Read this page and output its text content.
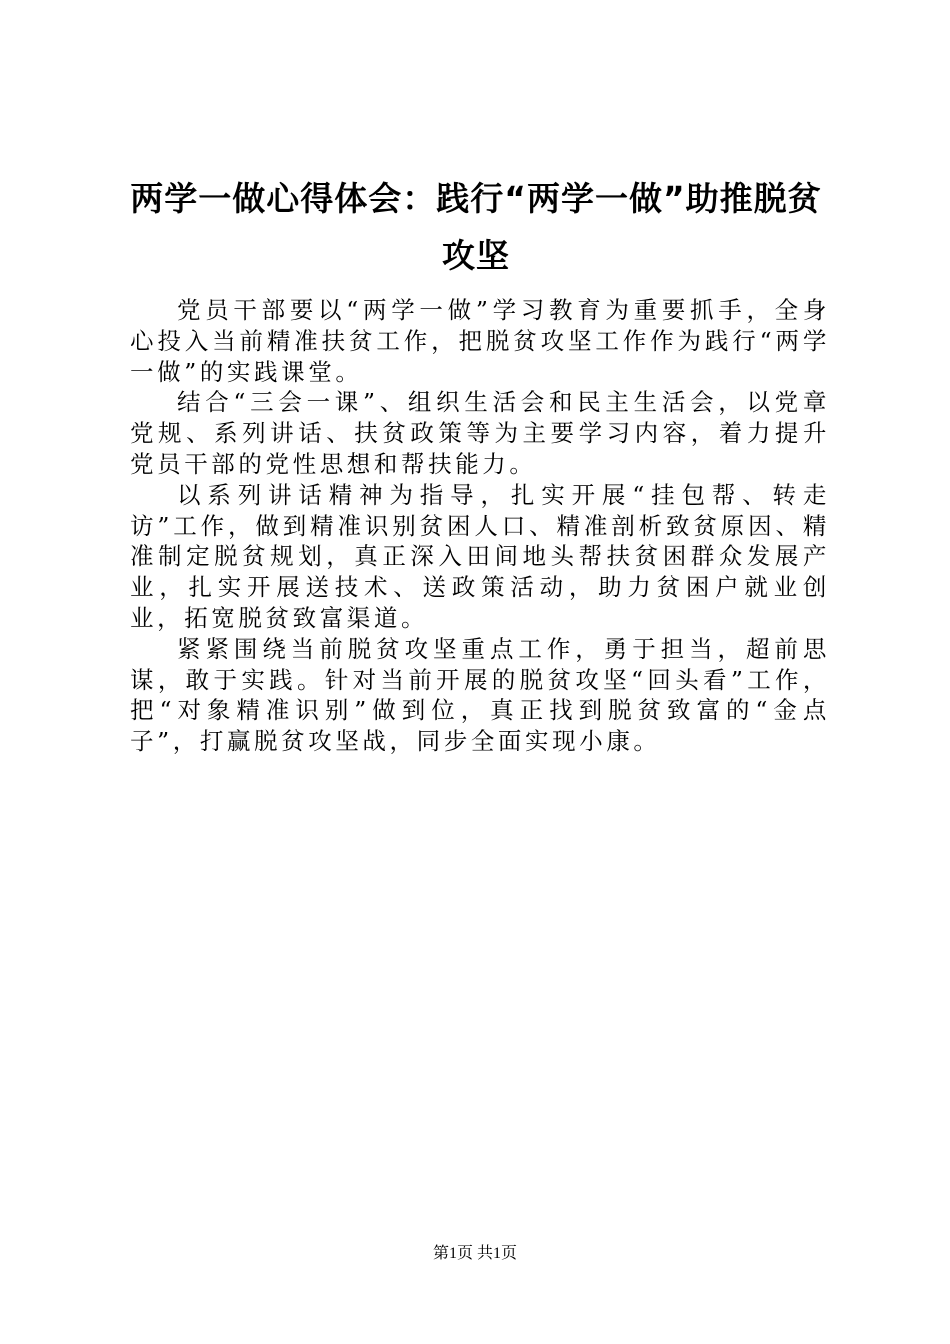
两学一做心得体会：践行“两学一做”助推脱贫攻坚

党员干部要以“两学一做”学习教育为重要抓手，全身心投入当前精准扶贫工作，把脱贫攻坚工作作为践行“两学一做”的实践课堂。

结合“三会一课”、组织生活会和民主生活会，以党章党规、系列讲话、扶贫政策等为主要学习内容，着力提升党员干部的党性思想和帮扶能力。

以系列讲话精神为指导，扎实开展“挂包帮、转走访”工作，做到精准识别贫困人口、精准剖析致贫原因、精准制定脱贫规划，真正深入田间地头帮扶贫困群众发展产业，扎实开展送技术、送政策活动，助力贫困户就业创业，拓宽脱贫致富渠道。

紧紧围绕当前脱贫攻坚重点工作，勇于担当，超前思谋，敢于实践。针对当前开展的脱贫攻坚“回头看”工作，把“对象精准识别”做到位，真正找到脱贫致富的“金点子”，打赢脱贫攻坚战，同步全面实现小康。

第1页 共1页
